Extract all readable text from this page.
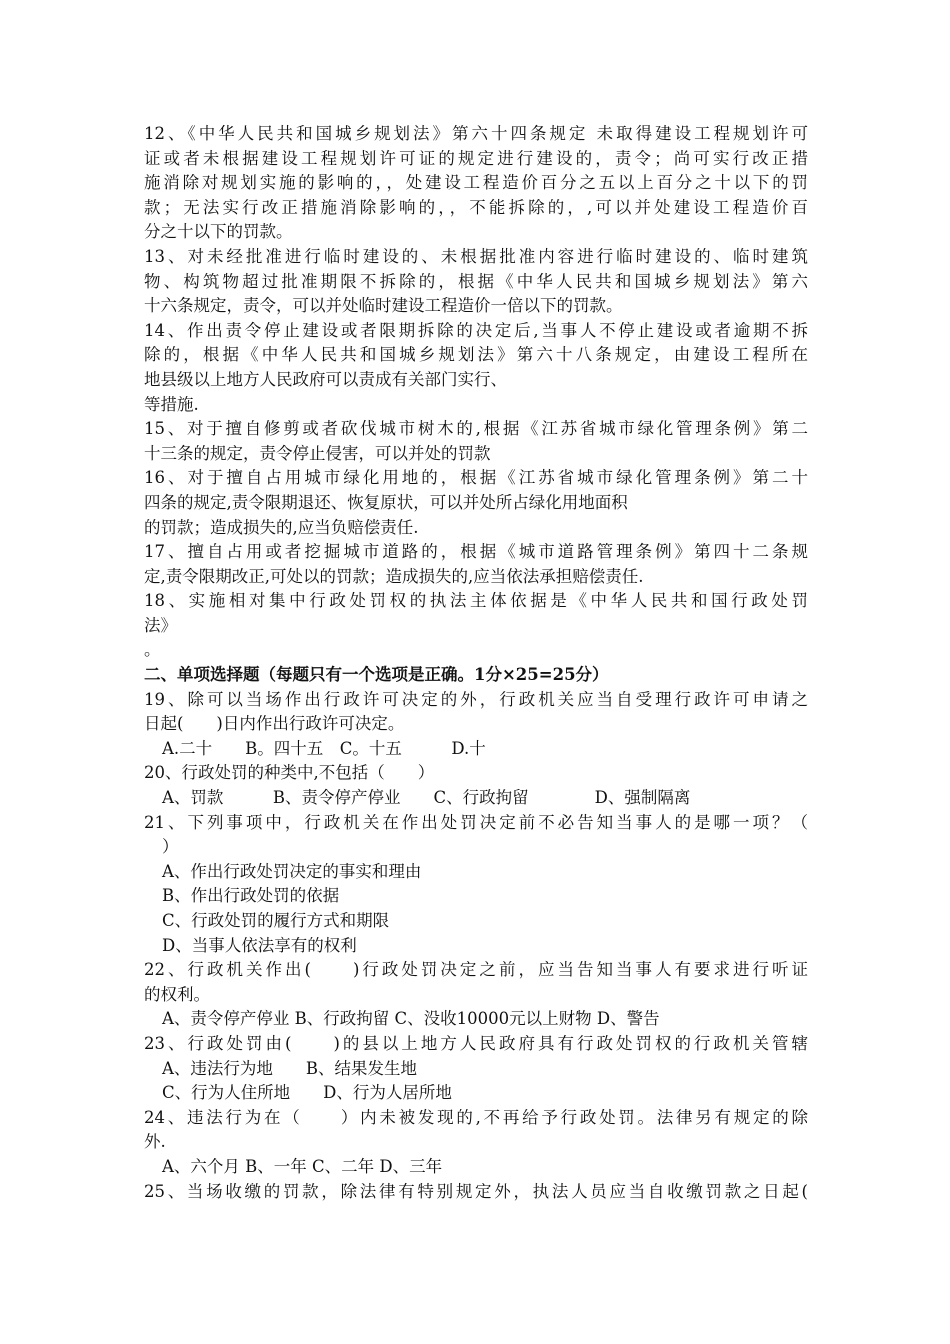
12、《中华人民共和国城乡规划法》第六十四条规定 未取得建设工程规划许可
证或者未根据建设工程规划许可证的规定进行建设的，责令；尚可实行改正措
施消除对规划实施的影响的，，处建设工程造价百分之五以上百分之十以下的罚
款；无法实行改正措施消除影响的，，不能拆除的，,可以并处建设工程造价百
分之十以下的罚款。
13、对未经批准进行临时建设的、未根据批准内容进行临时建设的、临时建筑
物、构筑物超过批准期限不拆除的，根据《中华人民共和国城乡规划法》第六
十六条规定，责令，可以并处临时建设工程造价一倍以下的罚款。
14、作出责令停止建设或者限期拆除的决定后,当事人不停止建设或者逾期不拆
除的，根据《中华人民共和国城乡规划法》第六十八条规定，由建设工程所在
地县级以上地方人民政府可以责成有关部门实行、
等措施.
15、对于擅自修剪或者砍伐城市树木的,根据《江苏省城市绿化管理条例》第二
十三条的规定，责令停止侵害，可以并处的罚款
16、对于擅自占用城市绿化用地的，根据《江苏省城市绿化管理条例》第二十
四条的规定,责令限期退还、恢复原状，可以并处所占绿化用地面积
的罚款；造成损失的,应当负赔偿责任.
17、擅自占用或者挖掘城市道路的，根据《城市道路管理条例》第四十二条规
定,责令限期改正,可处以的罚款；造成损失的,应当依法承担赔偿责任.
18、实施相对集中行政处罚权的执法主体依据是《中华人民共和国行政处罚
法》
。
二、单项选择题（每题只有一个选项是正确。1分×25=25分）
19、除可以当场作出行政许可决定的外，行政机关应当自受理行政许可申请之
日起(　　)日内作出行政许可决定。
A.二十　　B。四十五　C。十五　　　D.十
20、行政处罚的种类中,不包括（　　）
A、罚款　　　B、责令停产停业　　C、行政拘留　　　　D、强制隔离
21、下列事项中，行政机关在作出处罚决定前不必告知当事人的是哪一项？（
）
A、作出行政处罚决定的事实和理由
B、作出行政处罚的依据
C、行政处罚的履行方式和期限
D、当事人依法享有的权利
22、行政机关作出(　　)行政处罚决定之前，应当告知当事人有要求进行听证
的权利。
A、责令停产停业 B、行政拘留 C、没收10000元以上财物 D、警告
23、行政处罚由(　　)的县以上地方人民政府具有行政处罚权的行政机关管辖
A、违法行为地　　B、结果发生地
C、行为人住所地　　D、行为人居所地
24、违法行为在（　　）内未被发现的,不再给予行政处罚。法律另有规定的除
外.
A、六个月 B、一年 C、二年 D、三年
25、当场收缴的罚款，除法律有特别规定外，执法人员应当自收缴罚款之日起(
